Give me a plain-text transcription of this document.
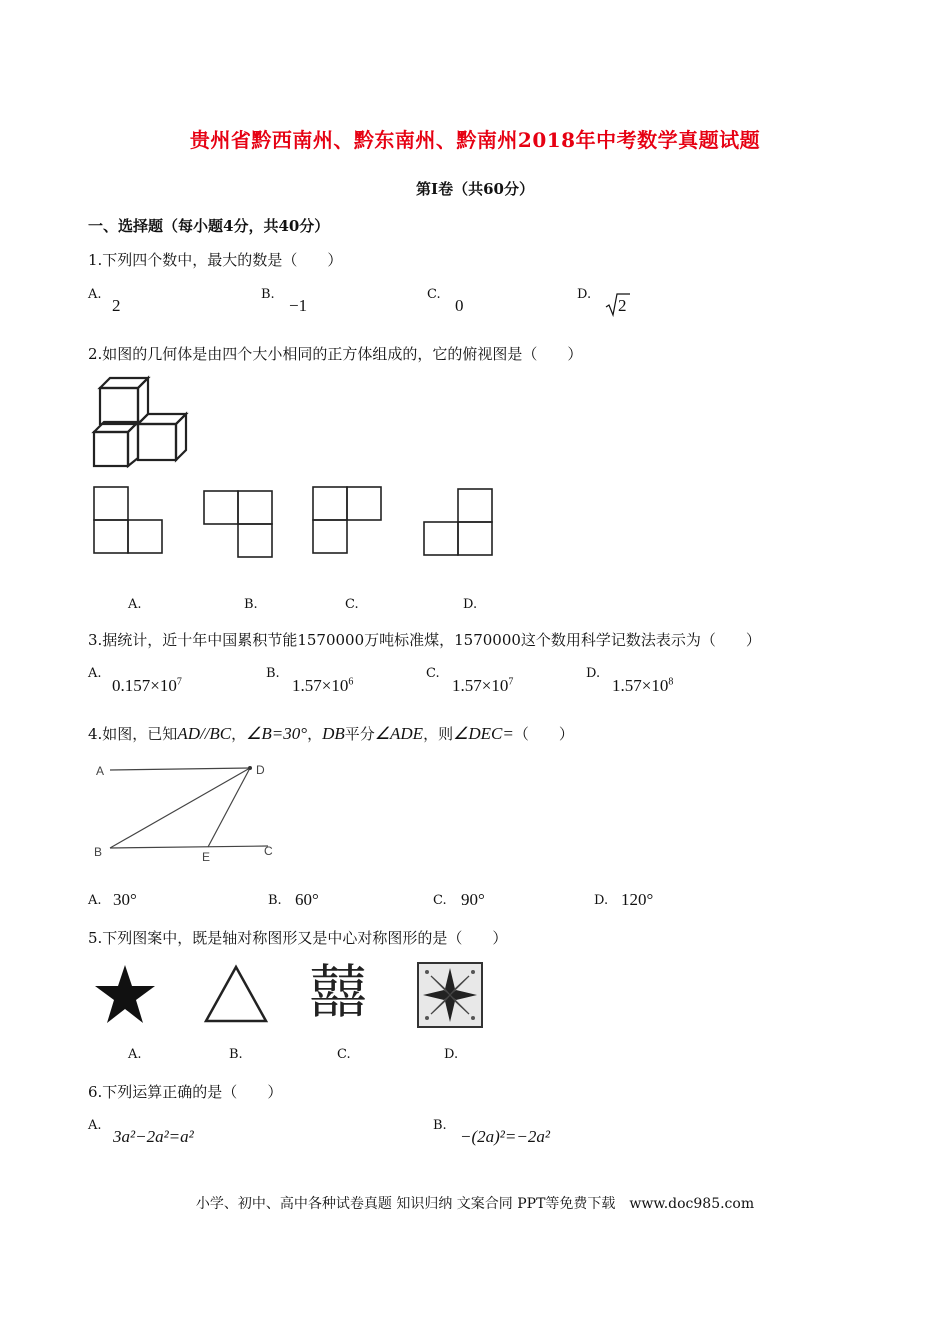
贵州省黔西南州、黔东南州、黔南州2018年中考数学真题试题
第Ⅰ卷（共60分）
一、选择题（每小题4分，共40分）
1.下列四个数中，最大的数是（　　）
A.
2
B.
−1
C.
0
D.
2
2.如图的几何体是由四个大小相同的正方体组成的，它的俯视图是（　　）
A.	B.	C.	D.
3.据统计，近十年中国累积节能1570000万吨标准煤，1570000这个数用科学记数法表示为（　　）
A.
$0.157\times 10^7$
B.
$1.57\times 10^6$
C.
$1.57\times 10^7$
D.
$1.57\times 10^8$
4.如图，已知AD//BC，∠B=30°，DB平分∠ADE，则∠DEC=（　　）
A	D
B	E	C
A. 30°	B. 60°	C. 90°	D. 120°
5.下列图案中，既是轴对称图形又是中心对称图形的是（　　）
囍
A.	B.	C.	D.
6.下列运算正确的是（　　）
A.
3a²−2a²=a²
B.
−(2a)²=−2a²
小学、初中、高中各种试卷真题 知识归纳 文案合同 PPT等免费下载　www.doc985.com
